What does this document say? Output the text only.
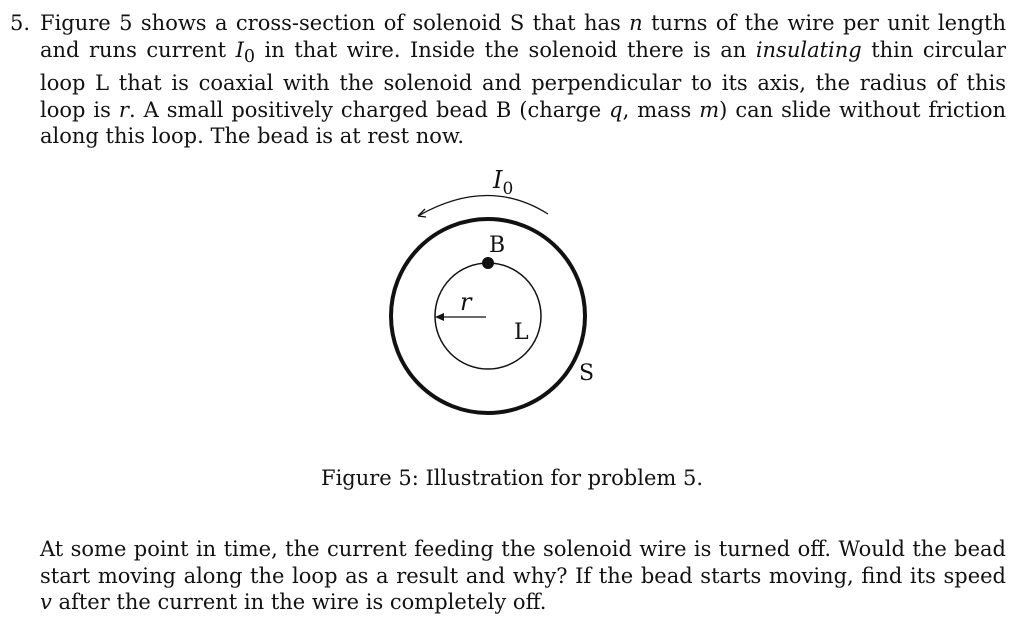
5. Figure 5 shows a cross-section of solenoid S that has n turns of the wire per unit length and runs current $I_0$ in that wire. Inside the solenoid there is an insulating thin circular loop L that is coaxial with the solenoid and perpendicular to its axis, the radius of this loop is r. A small positively charged bead B (charge q, mass m) can slide without friction along this loop. The bead is at rest now.
$I_0$
B
r
L
S
Figure 5: Illustration for problem 5.
At some point in time, the current feeding the solenoid wire is turned off. Would the bead start moving along the loop as a result and why? If the bead starts moving, find its speed v after the current in the wire is completely off.
